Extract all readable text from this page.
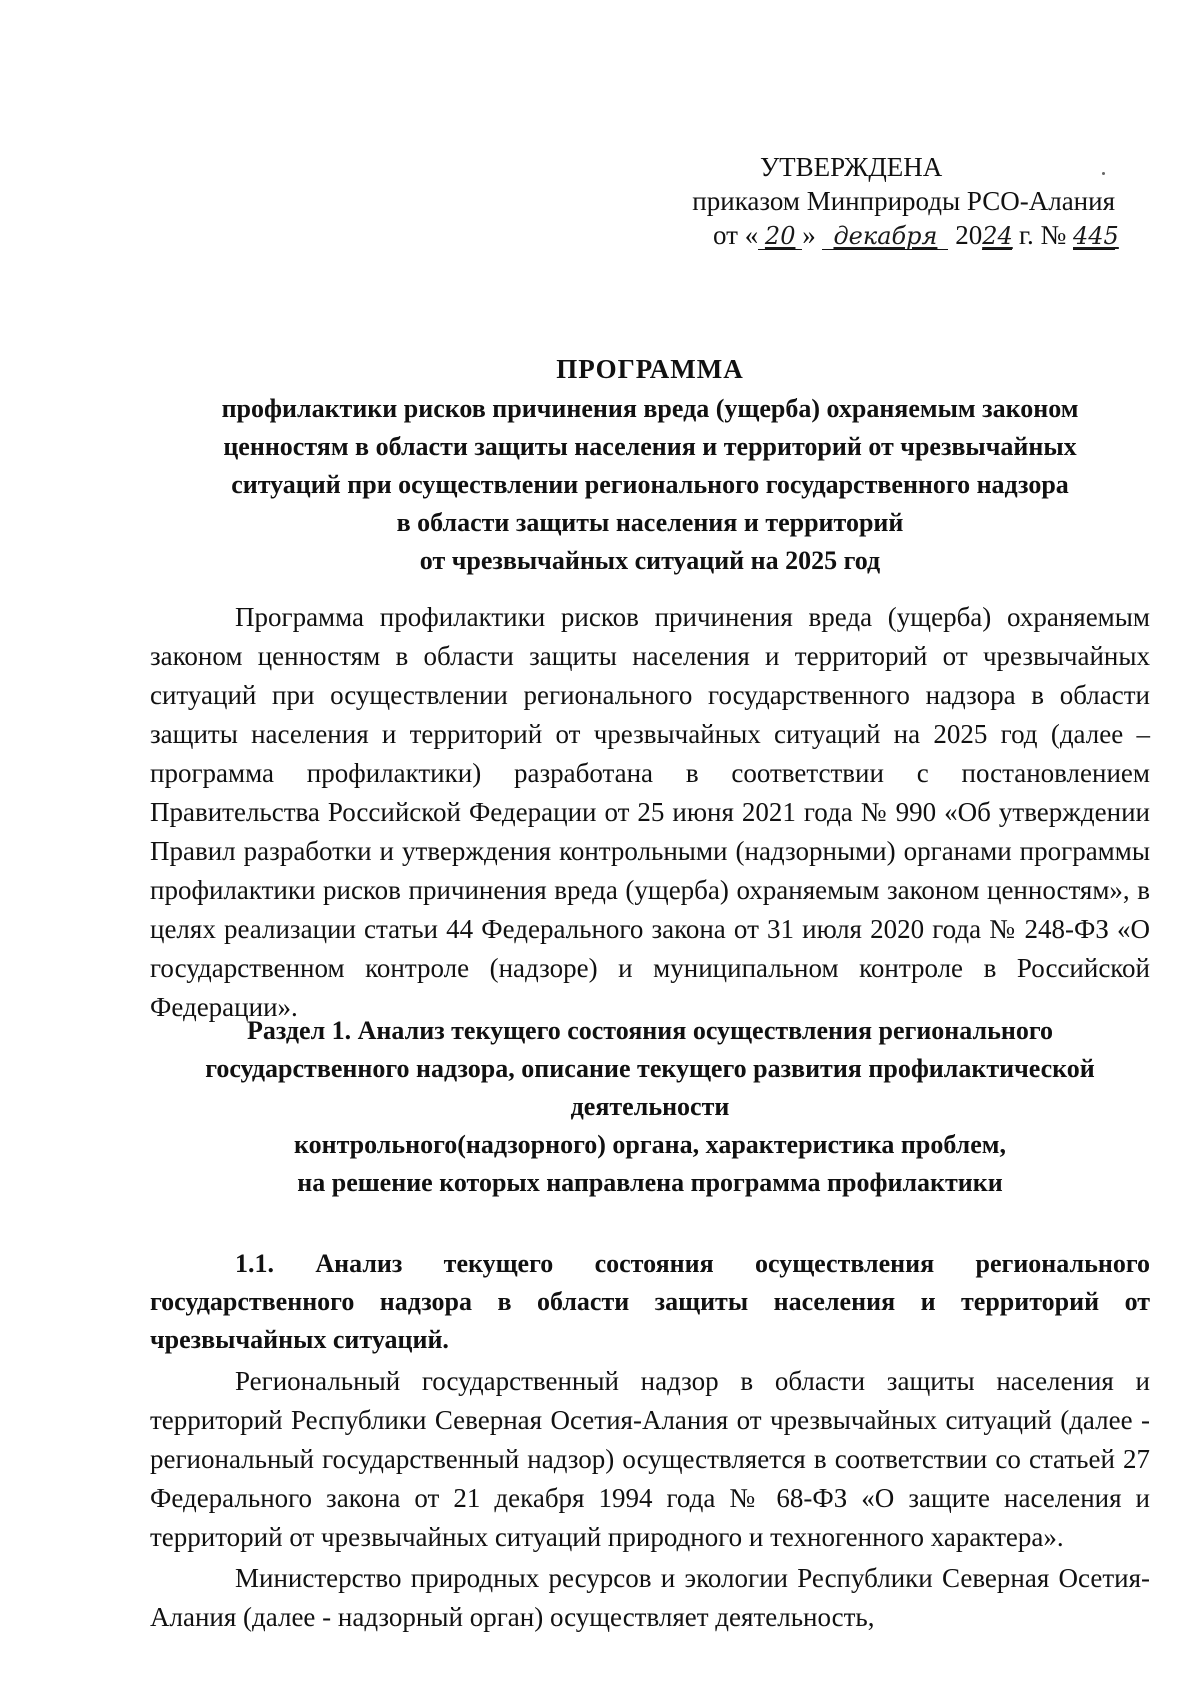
УТВЕРЖДЕНА
приказом Минприроды РСО-Алания
от « 20 » декабря 2024 г. № 445
ПРОГРАММА
профилактики рисков причинения вреда (ущерба) охраняемым законом
ценностям в области защиты населения и территорий от чрезвычайных
ситуаций при осуществлении регионального государственного надзора
в области защиты населения и территорий
от чрезвычайных ситуаций на 2025 год

Программа профилактики рисков причинения вреда (ущерба) охраняемым законом ценностям в области защиты населения и территорий от чрезвычайных ситуаций при осуществлении регионального государственного надзора в области защиты населения и территорий от чрезвычайных ситуаций на 2025 год (далее – программа профилактики) разработана в соответствии с постановлением Правительства Российской Федерации от 25 июня 2021 года № 990 «Об утверждении Правил разработки и утверждения контрольными (надзорными) органами программы профилактики рисков причинения вреда (ущерба) охраняемым законом ценностям», в целях реализации статьи 44 Федерального закона от 31 июля 2020 года № 248-ФЗ «О государственном контроле (надзоре) и муниципальном контроле в Российской Федерации».

Раздел 1. Анализ текущего состояния осуществления регионального
государственного надзора, описание текущего развития профилактической
деятельности
контрольного(надзорного) органа, характеристика проблем,
на решение которых направлена программа профилактики
1.1. Анализ текущего состояния осуществления регионального государственного надзора в области защиты населения и территорий от чрезвычайных ситуаций.

Региональный государственный надзор в области защиты населения и территорий Республики Северная Осетия-Алания от чрезвычайных ситуаций (далее - региональный государственный надзор) осуществляется в соответствии со статьей 27 Федерального закона от 21 декабря 1994 года № 68-ФЗ «О защите населения и территорий от чрезвычайных ситуаций природного и техногенного характера».

Министерство природных ресурсов и экологии Республики Северная Осетия-Алания (далее - надзорный орган) осуществляет деятельность,
